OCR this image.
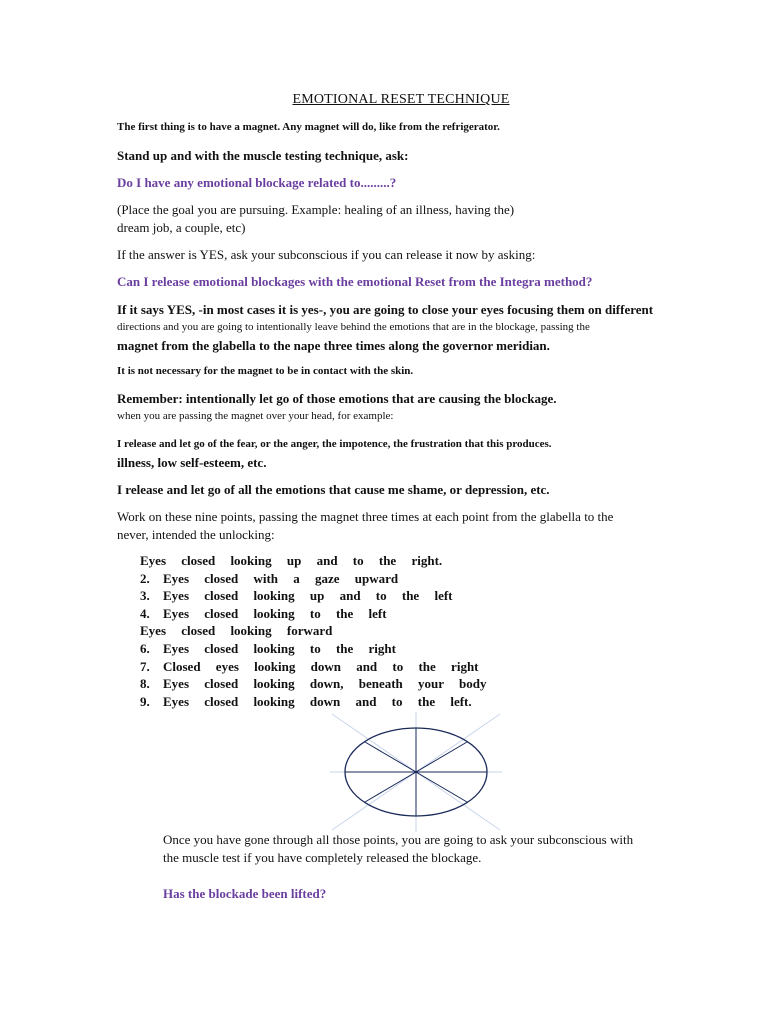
EMOTIONAL RESET TECHNIQUE

The first thing is to have a magnet. Any magnet will do, like from the refrigerator.

Stand up and with the muscle testing technique, ask:

Do I have any emotional blockage related to.........?

(Place the goal you are pursuing. Example: healing of an illness, having the)

dream job, a couple, etc)

If the answer is YES, ask your subconscious if you can release it now by asking:

Can I release emotional blockages with the emotional Reset from the Integra method?

If it says YES, -in most cases it is yes-, you are going to close your eyes focusing them on different

directions and you are going to intentionally leave behind the emotions that are in the blockage, passing the

magnet from the glabella to the nape three times along the governor meridian.

It is not necessary for the magnet to be in contact with the skin.

Remember: intentionally let go of those emotions that are causing the blockage.

when you are passing the magnet over your head, for example:

I release and let go of the fear, or the anger, the impotence, the frustration that this produces.

illness, low self-esteem, etc.

I release and let go of all the emotions that cause me shame, or depression, etc.

Work on these nine points, passing the magnet three times at each point from the glabella to the

never, intended the unlocking:

Eyes closed looking up and to the right.
2. Eyes closed with a gaze upward
3. Eyes closed looking up and to the left
4. Eyes closed looking to the left
Eyes closed looking forward
6. Eyes closed looking to the right
7. Closed eyes looking down and to the right
8. Eyes closed looking down, beneath your body
9. Eyes closed looking down and to the left.

Once you have gone through all those points, you are going to ask your subconscious with

the muscle test if you have completely released the blockage.

Has the blockade been lifted?
